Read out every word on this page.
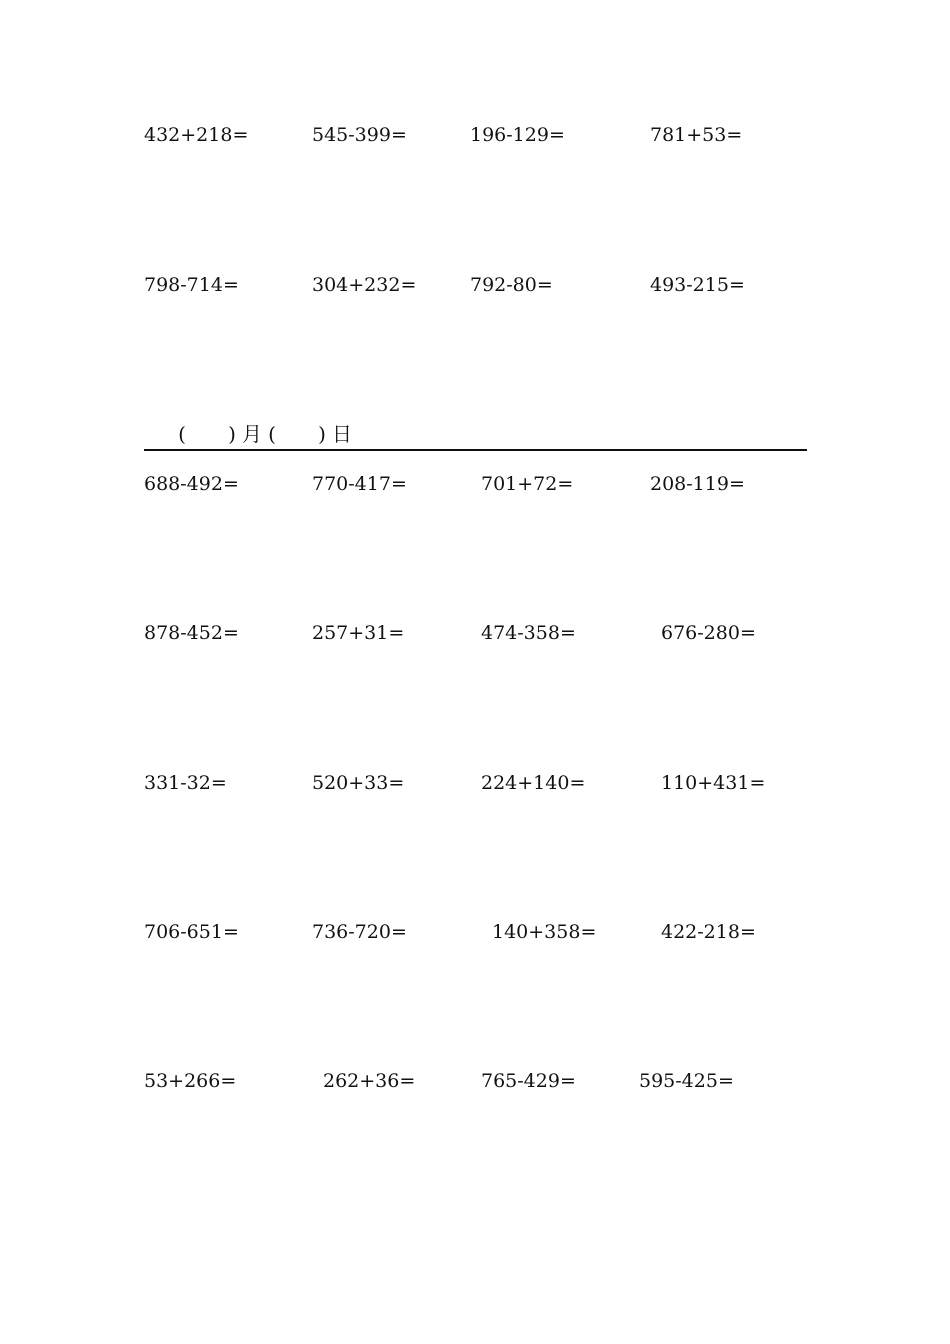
432+218=	545-399=	196-129=	781+53=
798-714=	304+232=	792-80=	493-215=
( ) 月 ( ) 日
688-492=	770-417=	701+72=	208-119=
878-452=	257+31=	474-358=	676-280=
331-32=	520+33=	224+140=	110+431=
706-651=	736-720=	140+358=	422-218=
53+266=	262+36=	765-429=	595-425=
